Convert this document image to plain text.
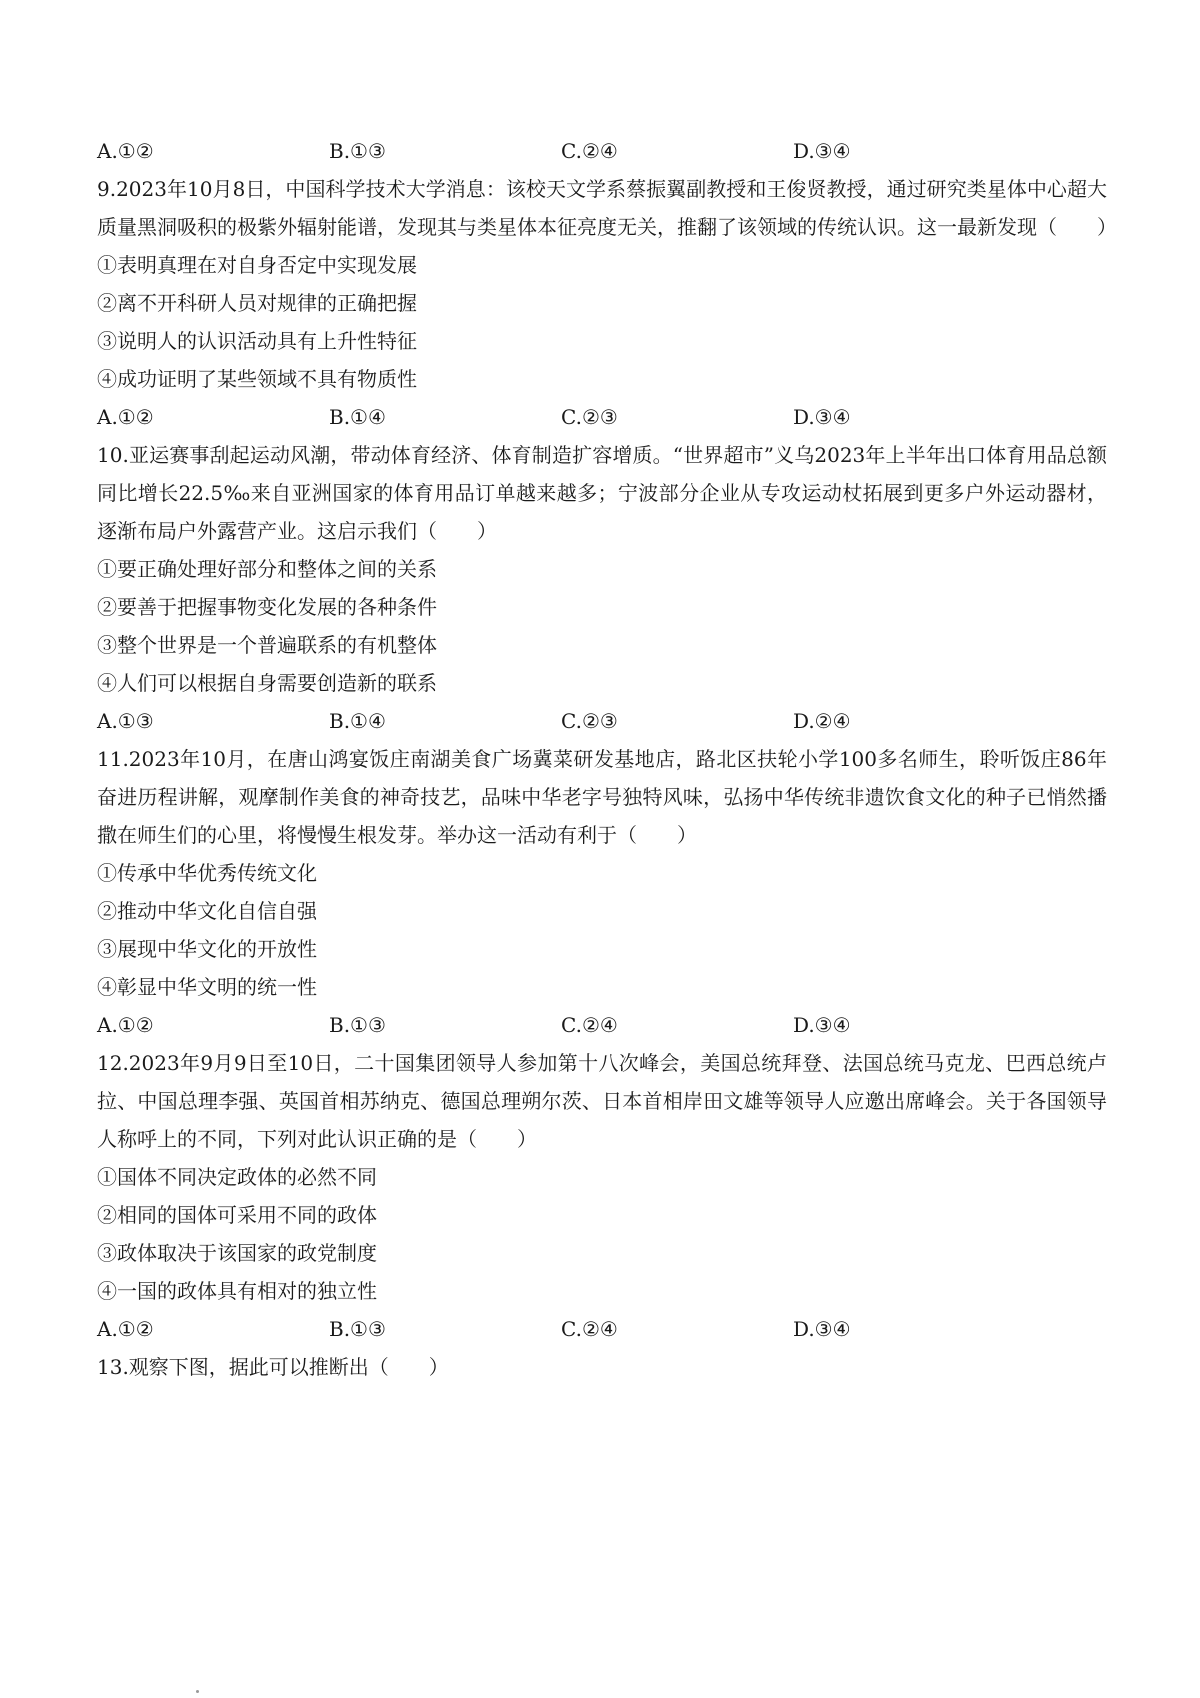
A.①②	B.①③	C.②④	D.③④
9.2023年10月8日，中国科学技术大学消息：该校天文学系蔡振翼副教授和王俊贤教授，通过研究类星体中心超大质量黑洞吸积的极紫外辐射能谱，发现其与类星体本征亮度无关，推翻了该领域的传统认识。这一最新发现（　　）
①表明真理在对自身否定中实现发展
②离不开科研人员对规律的正确把握
③说明人的认识活动具有上升性特征
④成功证明了某些领域不具有物质性
A.①②	B.①④	C.②③	D.③④
10.亚运赛事刮起运动风潮，带动体育经济、体育制造扩容增质。“世界超市”义乌2023年上半年出口体育用品总额同比增长22.5‰来自亚洲国家的体育用品订单越来越多；宁波部分企业从专攻运动杖拓展到更多户外运动器材，逐渐布局户外露营产业。这启示我们（　　）
①要正确处理好部分和整体之间的关系
②要善于把握事物变化发展的各种条件
③整个世界是一个普遍联系的有机整体
④人们可以根据自身需要创造新的联系
A.①③	B.①④	C.②③	D.②④
11.2023年10月，在唐山鸿宴饭庄南湖美食广场冀菜研发基地店，路北区扶轮小学100多名师生，聆听饭庄86年奋进历程讲解，观摩制作美食的神奇技艺，品味中华老字号独特风味，弘扬中华传统非遗饮食文化的种子已悄然播撒在师生们的心里，将慢慢生根发芽。举办这一活动有利于（　　）
①传承中华优秀传统文化
②推动中华文化自信自强
③展现中华文化的开放性
④彰显中华文明的统一性
A.①②	B.①③	C.②④	D.③④
12.2023年9月9日至10日，二十国集团领导人参加第十八次峰会，美国总统拜登、法国总统马克龙、巴西总统卢拉、中国总理李强、英国首相苏纳克、德国总理朔尔茨、日本首相岸田文雄等领导人应邀出席峰会。关于各国领导人称呼上的不同，下列对此认识正确的是（　　）
①国体不同决定政体的必然不同
②相同的国体可采用不同的政体
③政体取决于该国家的政党制度
④一国的政体具有相对的独立性
A.①②	B.①③	C.②④	D.③④
13.观察下图，据此可以推断出（　　）
